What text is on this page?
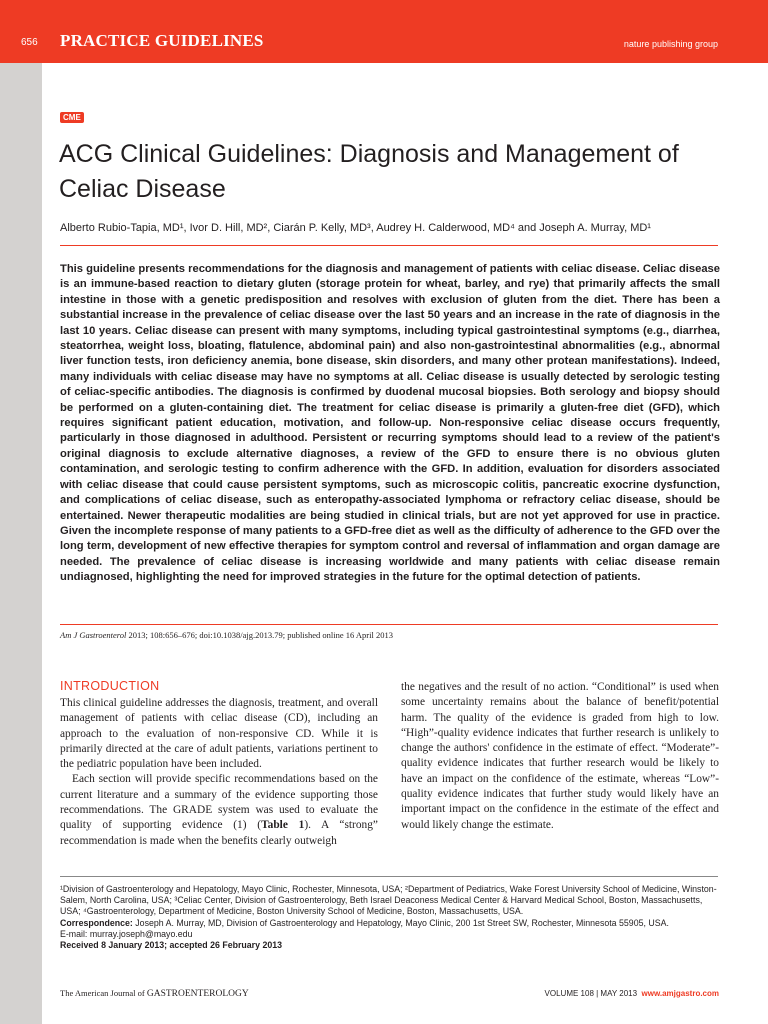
656 PRACTICE GUIDELINES	nature publishing group
CME
ACG Clinical Guidelines: Diagnosis and Management of Celiac Disease
Alberto Rubio-Tapia, MD¹, Ivor D. Hill, MD², Ciarán P. Kelly, MD³, Audrey H. Calderwood, MD⁴ and Joseph A. Murray, MD¹

This guideline presents recommendations for the diagnosis and management of patients with celiac disease. Celiac disease is an immune-based reaction to dietary gluten (storage protein for wheat, barley, and rye) that primarily affects the small intestine in those with a genetic predisposition and resolves with exclusion of gluten from the diet. There has been a substantial increase in the prevalence of celiac disease over the last 50 years and an increase in the rate of diagnosis in the last 10 years. Celiac disease can present with many symptoms, including typical gastrointestinal symptoms (e.g., diarrhea, steatorrhea, weight loss, bloating, flatulence, abdominal pain) and also non-gastrointestinal abnormalities (e.g., abnormal liver function tests, iron deficiency anemia, bone disease, skin disorders, and many other protean manifestations). Indeed, many individuals with celiac disease may have no symptoms at all. Celiac disease is usually detected by serologic testing of celiac-specific antibodies. The diagnosis is confirmed by duodenal mucosal biopsies. Both serology and biopsy should be performed on a gluten-containing diet. The treatment for celiac disease is primarily a gluten-free diet (GFD), which requires significant patient education, motivation, and follow-up. Non-responsive celiac disease occurs frequently, particularly in those diagnosed in adulthood. Persistent or recurring symptoms should lead to a review of the patient's original diagnosis to exclude alternative diagnoses, a review of the GFD to ensure there is no obvious gluten contamination, and serologic testing to confirm adherence with the GFD. In addition, evaluation for disorders associated with celiac disease that could cause persistent symptoms, such as microscopic colitis, pancreatic exocrine dysfunction, and complications of celiac disease, such as enteropathy-associated lymphoma or refractory celiac disease, should be entertained. Newer therapeutic modalities are being studied in clinical trials, but are not yet approved for use in practice. Given the incomplete response of many patients to a GFD-free diet as well as the difficulty of adherence to the GFD over the long term, development of new effective therapies for symptom control and reversal of inflammation and organ damage are needed. The prevalence of celiac disease is increasing worldwide and many patients with celiac disease remain undiagnosed, highlighting the need for improved strategies in the future for the optimal detection of patients.

Am J Gastroenterol 2013; 108:656–676; doi:10.1038/ajg.2013.79; published online 16 April 2013
INTRODUCTION

This clinical guideline addresses the diagnosis, treatment, and overall management of patients with celiac disease (CD), including an approach to the evaluation of non-responsive CD. While it is primarily directed at the care of adult patients, variations pertinent to the pediatric population have been included.

Each section will provide specific recommendations based on the current literature and a summary of the evidence supporting those recommendations. The GRADE system was used to evaluate the quality of supporting evidence (1) (Table 1). A “strong” recommendation is made when the benefits clearly outweigh

the negatives and the result of no action. “Conditional” is used when some uncertainty remains about the balance of benefit/potential harm. The quality of the evidence is graded from high to low. “High”-quality evidence indicates that further research is unlikely to change the authors' confidence in the estimate of effect. “Moderate”-quality evidence indicates that further research would be likely to have an impact on the confidence of the estimate, whereas “Low”-quality evidence indicates that further study would likely have an important impact on the confidence in the estimate of the effect and would likely change the estimate.

¹Division of Gastroenterology and Hepatology, Mayo Clinic, Rochester, Minnesota, USA; ²Department of Pediatrics, Wake Forest University School of Medicine, Winston-Salem, North Carolina, USA; ³Celiac Center, Division of Gastroenterology, Beth Israel Deaconess Medical Center & Harvard Medical School, Boston, Massachusetts, USA; ⁴Gastroenterology, Department of Medicine, Boston University School of Medicine, Boston, Massachusetts, USA.

Correspondence: Joseph A. Murray, MD, Division of Gastroenterology and Hepatology, Mayo Clinic, 200 1st Street SW, Rochester, Minnesota 55905, USA.

E-mail: murray.joseph@mayo.edu

Received 8 January 2013; accepted 26 February 2013

The American Journal of GASTROENTEROLOGY	VOLUME 108 | MAY 2013 www.amjgastro.com
